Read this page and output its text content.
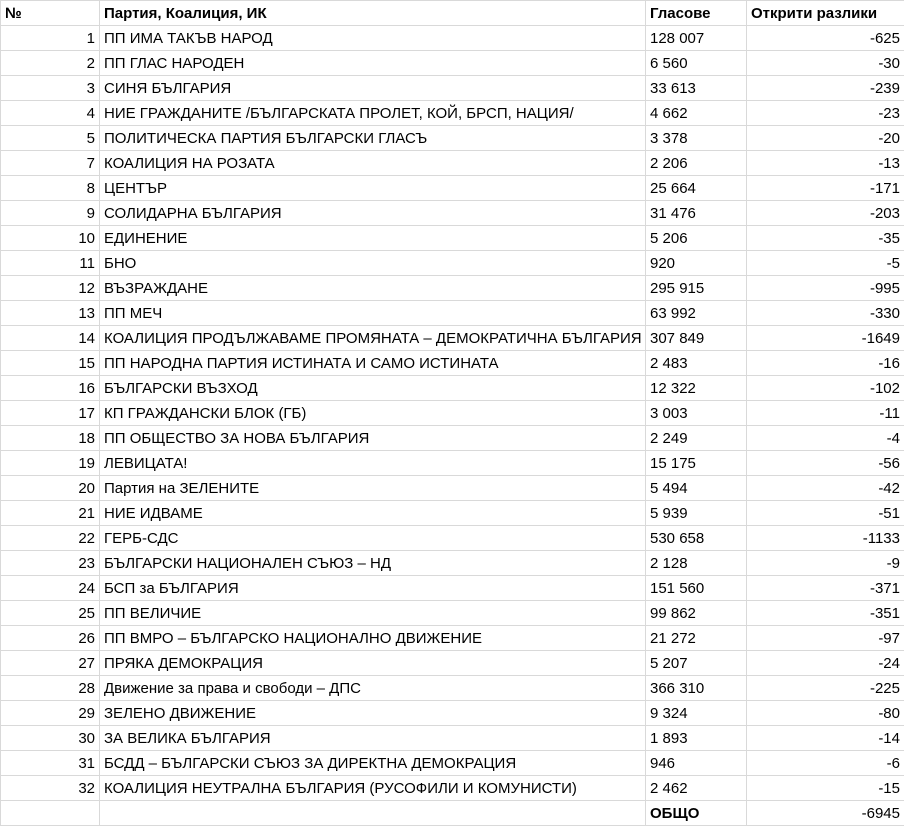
№	Партия, Коалиция, ИК	Гласове	Открити разлики
1	ПП ИМА ТАКЪВ НАРОД	128 007	-625
2	ПП ГЛАС НАРОДЕН	6 560	-30
3	СИНЯ БЪЛГАРИЯ	33 613	-239
4	НИЕ ГРАЖДАНИТЕ /БЪЛГАРСКАТА ПРОЛЕТ, КОЙ, БРСП, НАЦИЯ/	4 662	-23
5	ПОЛИТИЧЕСКА ПАРТИЯ БЪЛГАРСКИ ГЛАСЪ	3 378	-20
7	КОАЛИЦИЯ НА РОЗАТА	2 206	-13
8	ЦЕНТЪР	25 664	-171
9	СОЛИДАРНА БЪЛГАРИЯ	31 476	-203
10	ЕДИНЕНИЕ	5 206	-35
11	БНО	920	-5
12	ВЪЗРАЖДАНЕ	295 915	-995
13	ПП МЕЧ	63 992	-330
14	КОАЛИЦИЯ ПРОДЪЛЖАВАМЕ ПРОМЯНАТА – ДЕМОКРАТИЧНА БЪЛГАРИЯ	307 849	-1649
15	ПП НАРОДНА ПАРТИЯ ИСТИНАТА И САМО ИСТИНАТА	2 483	-16
16	БЪЛГАРСКИ ВЪЗХОД	12 322	-102
17	КП ГРАЖДАНСКИ БЛОК (ГБ)	3 003	-11
18	ПП ОБЩЕСТВО ЗА НОВА БЪЛГАРИЯ	2 249	-4
19	ЛЕВИЦАТА!	15 175	-56
20	Партия на ЗЕЛЕНИТЕ	5 494	-42
21	НИЕ ИДВАМЕ	5 939	-51
22	ГЕРБ-СДС	530 658	-1133
23	БЪЛГАРСКИ НАЦИОНАЛЕН СЪЮЗ – НД	2 128	-9
24	БСП за БЪЛГАРИЯ	151 560	-371
25	ПП ВЕЛИЧИЕ	99 862	-351
26	ПП ВМРО – БЪЛГАРСКО НАЦИОНАЛНО ДВИЖЕНИЕ	21 272	-97
27	ПРЯКА ДЕМОКРАЦИЯ	5 207	-24
28	Движение за права и свободи – ДПС	366 310	-225
29	ЗЕЛЕНО ДВИЖЕНИЕ	9 324	-80
30	ЗА ВЕЛИКА БЪЛГАРИЯ	1 893	-14
31	БСДД – БЪЛГАРСКИ СЪЮЗ ЗА ДИРЕКТНА ДЕМОКРАЦИЯ	946	-6
32	КОАЛИЦИЯ НЕУТРАЛНА БЪЛГАРИЯ (РУСОФИЛИ И КОМУНИСТИ)	2 462	-15
		ОБЩО	-6945
